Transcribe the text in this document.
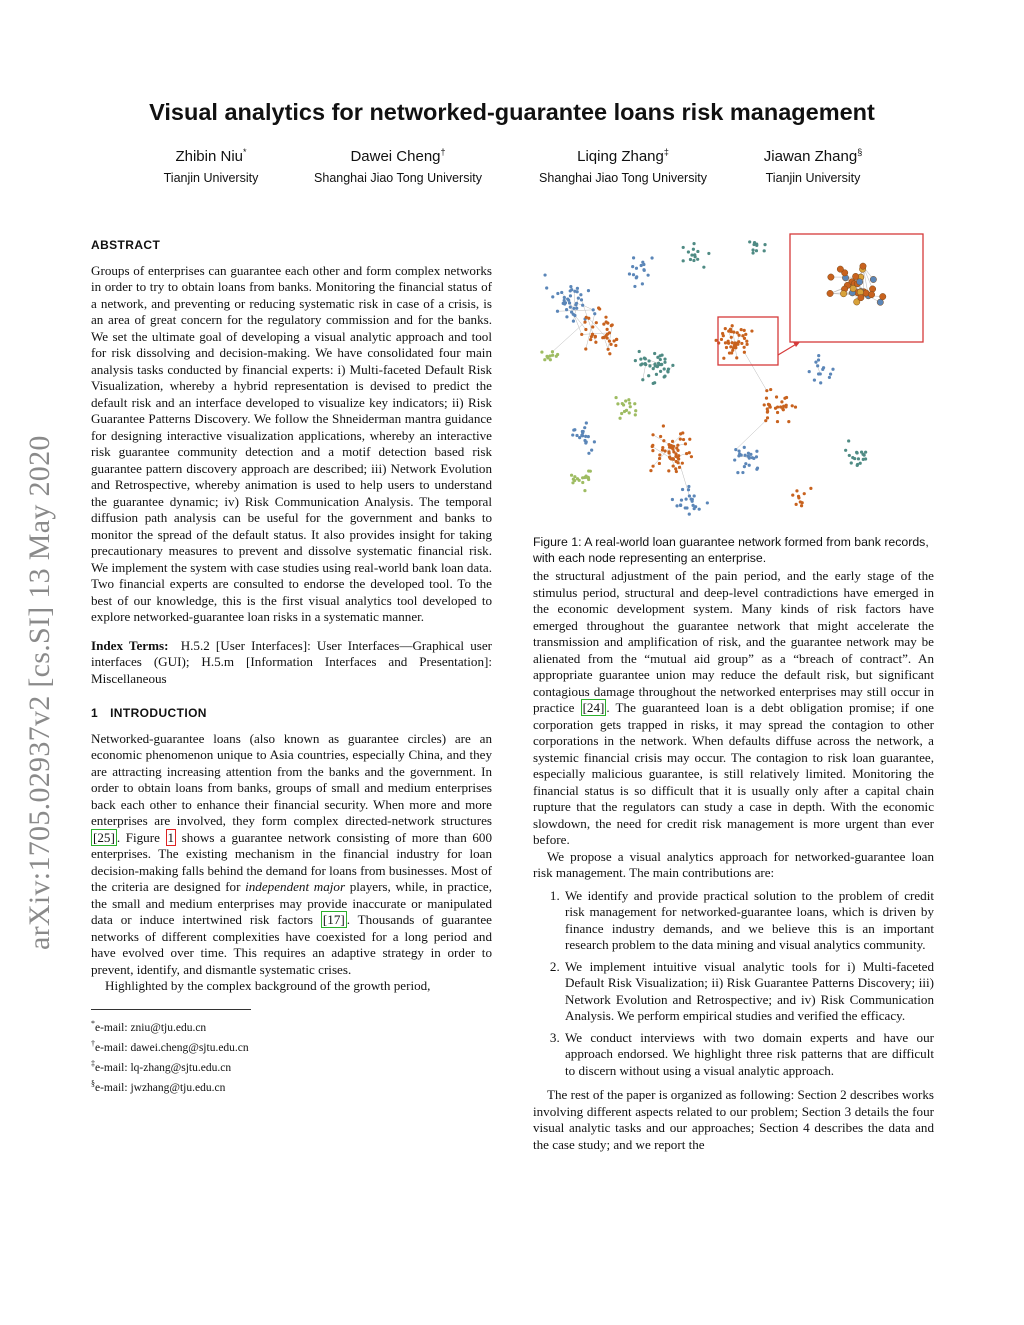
arXiv:1705.02937v2 [cs.SI] 13 May 2020
Visual analytics for networked-guarantee loans risk management
Zhibin Niu*
Tianjin University
Dawei Cheng†
Shanghai Jiao Tong University
Liqing Zhang‡
Shanghai Jiao Tong University
Jiawan Zhang§
Tianjin University
ABSTRACT

Groups of enterprises can guarantee each other and form complex networks in order to try to obtain loans from banks. Monitoring the financial status of a network, and preventing or reducing systematic risk in case of a crisis, is an area of great concern for the regulatory commission and for the banks. We set the ultimate goal of developing a visual analytic approach and tool for risk dissolving and decision-making. We have consolidated four main analysis tasks conducted by financial experts: i) Multi-faceted Default Risk Visualization, whereby a hybrid representation is devised to predict the default risk and an interface developed to visualize key indicators; ii) Risk Guarantee Patterns Discovery. We follow the Shneiderman mantra guidance for designing interactive visualization applications, whereby an interactive risk guarantee community detection and a motif detection based risk guarantee pattern discovery approach are described; iii) Network Evolution and Retrospective, whereby animation is used to help users to understand the guarantee dynamic; iv) Risk Communication Analysis. The temporal diffusion path analysis can be useful for the government and banks to monitor the spread of the default status. It also provides insight for taking precautionary measures to prevent and dissolve systematic financial risk. We implement the system with case studies using real-world bank loan data. Two financial experts are consulted to endorse the developed tool. To the best of our knowledge, this is the first visual analytics tool developed to explore networked-guarantee loan risks in a systematic manner.

Index Terms: H.5.2 [User Interfaces]: User Interfaces—Graphical user interfaces (GUI); H.5.m [Information Interfaces and Presentation]: Miscellaneous

1 INTRODUCTION

Networked-guarantee loans (also known as guarantee circles) are an economic phenomenon unique to Asia countries, especially China, and they are attracting increasing attention from the banks and the government. In order to obtain loans from banks, groups of small and medium enterprises back each other to enhance their financial security. When more and more enterprises are involved, they form complex directed-network structures [25] . Figure 1 shows a guarantee network consisting of more than 600 enterprises. The existing mechanism in the financial industry for loan decision-making falls behind the demand for loans from businesses. Most of the criteria are designed for independent major players, while, in practice, the small and medium enterprises may provide inaccurate or manipulated data or induce intertwined risk factors [17] . Thousands of guarantee networks of different complexities have coexisted for a long period and have evolved over time. This requires an adaptive strategy in order to prevent, identify, and dismantle systematic crises.

Highlighted by the complex background of the growth period,

*e-mail: zniu@tju.edu.cn
†e-mail: dawei.cheng@sjtu.edu.cn
‡e-mail: lq-zhang@sjtu.edu.cn
§e-mail: jwzhang@tju.edu.cn
Figure 1: A real-world loan guarantee network formed from bank records, with each node representing an enterprise.

the structural adjustment of the pain period, and the early stage of the stimulus period, structural and deep-level contradictions have emerged in the economic development system. Many kinds of risk factors have emerged throughout the guarantee network that might accelerate the transmission and amplification of risk, and the guarantee network may be alienated from the “mutual aid group” as a “breach of contract”. An appropriate guarantee union may reduce the default risk, but significant contagious damage throughout the networked enterprises may still occur in practice [24] . The guaranteed loan is a debt obligation promise; if one corporation gets trapped in risks, it may spread the contagion to other corporations in the network. When defaults diffuse across the network, a systemic financial crisis may occur. The contagion to risk loan guarantee, especially malicious guarantee, is still relatively limited. Monitoring the financial status is so difficult that it is usually only after a capital chain rupture that the regulators can study a case in depth. With the economic slowdown, the need for credit risk management is more urgent than ever before.

We propose a visual analytics approach for networked-guarantee loan risk management. The main contributions are:

1. We identify and provide practical solution to the problem of credit risk management for networked-guarantee loans, which is driven by finance industry demands, and we believe this is an important research problem to the data mining and visual analytics community.
2. We implement intuitive visual analytic tools for i) Multi-faceted Default Risk Visualization; ii) Risk Guarantee Patterns Discovery; iii) Network Evolution and Retrospective; and iv) Risk Communication Analysis. We perform empirical studies and verified the efficacy.
3. We conduct interviews with two domain experts and have our approach endorsed. We highlight three risk patterns that are difficult to discern without using a visual analytic approach.

The rest of the paper is organized as following: Section 2 describes works involving different aspects related to our problem; Section 3 details the four visual analytic tasks and our approaches; Section 4 describes the data and the case study; and we report the
